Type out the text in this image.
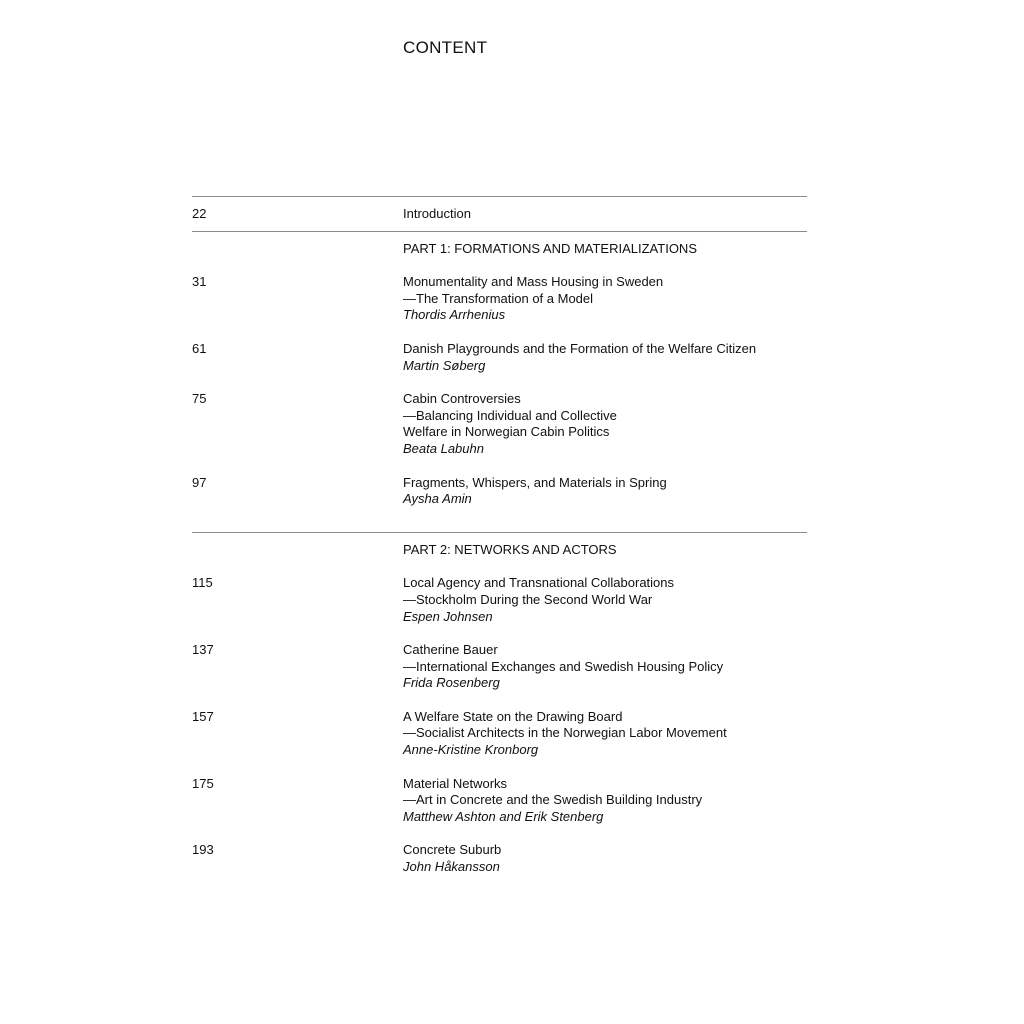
CONTENT
22	Introduction
PART 1: FORMATIONS AND MATERIALIZATIONS
31	Monumentality and Mass Housing in Sweden
—The Transformation of a Model
Thordis Arrhenius
61	Danish Playgrounds and the Formation of the Welfare Citizen
Martin Søberg
75	Cabin Controversies
—Balancing Individual and Collective
Welfare in Norwegian Cabin Politics
Beata Labuhn
97	Fragments, Whispers, and Materials in Spring
Aysha Amin
PART 2: NETWORKS AND ACTORS
115	Local Agency and Transnational Collaborations
—Stockholm During the Second World War
Espen Johnsen
137	Catherine Bauer
—International Exchanges and Swedish Housing Policy
Frida Rosenberg
157	A Welfare State on the Drawing Board
—Socialist Architects in the Norwegian Labor Movement
Anne-Kristine Kronborg
175	Material Networks
—Art in Concrete and the Swedish Building Industry
Matthew Ashton and Erik Stenberg
193	Concrete Suburb
John Håkansson
